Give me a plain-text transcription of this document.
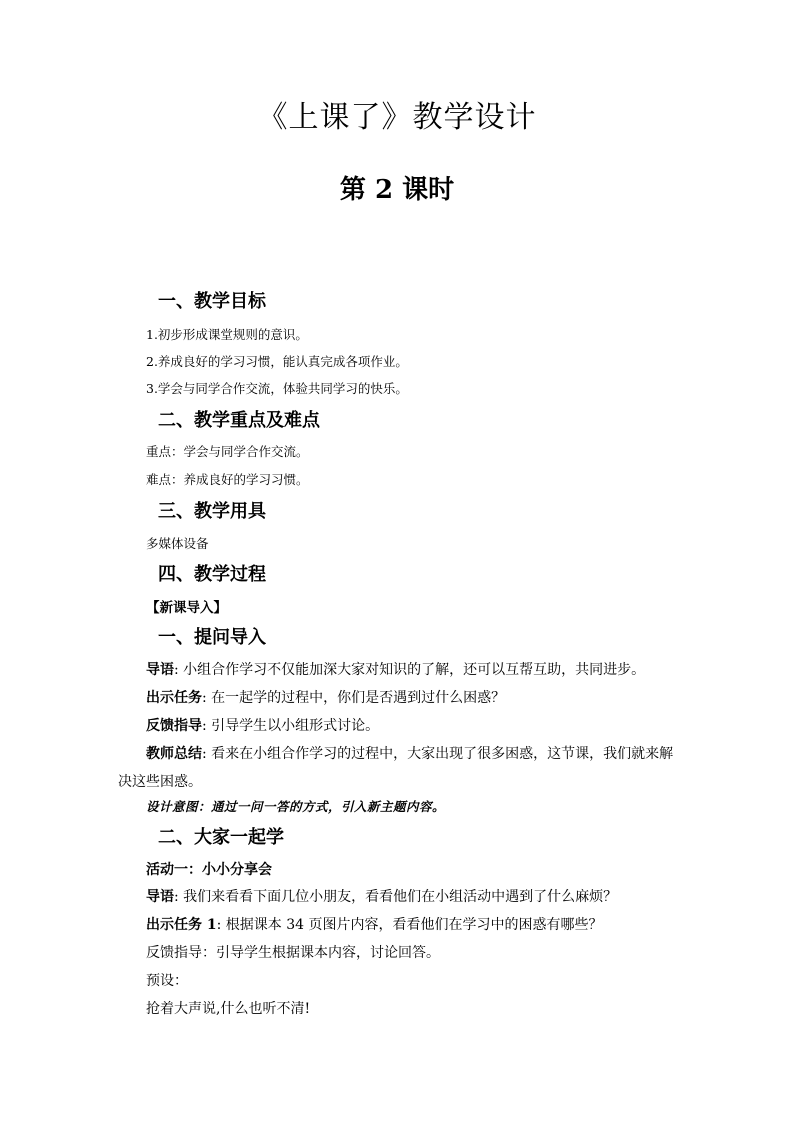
《上课了》教学设计
第 2 课时
一、教学目标
1.初步形成课堂规则的意识。
2.养成良好的学习习惯，能认真完成各项作业。
3.学会与同学合作交流，体验共同学习的快乐。
二、教学重点及难点
重点：学会与同学合作交流。
难点：养成良好的学习习惯。
三、教学用具
多媒体设备
四、教学过程
【新课导入】
一、提问导入
导语: 小组合作学习不仅能加深大家对知识的了解，还可以互帮互助，共同进步。
出示任务: 在一起学的过程中，你们是否遇到过什么困惑？
反馈指导: 引导学生以小组形式讨论。

教师总结: 看来在小组合作学习的过程中，大家出现了很多困惑，这节课，我们就来解决这些困惑。

设计意图：通过一问一答的方式，引入新主题内容。
二、大家一起学
活动一：小小分享会
导语: 我们来看看下面几位小朋友，看看他们在小组活动中遇到了什么麻烦？
出示任务 1: 根据课本 34 页图片内容，看看他们在学习中的困惑有哪些？
反馈指导：引导学生根据课本内容，讨论回答。
预设：
抢着大声说,什么也听不清!
